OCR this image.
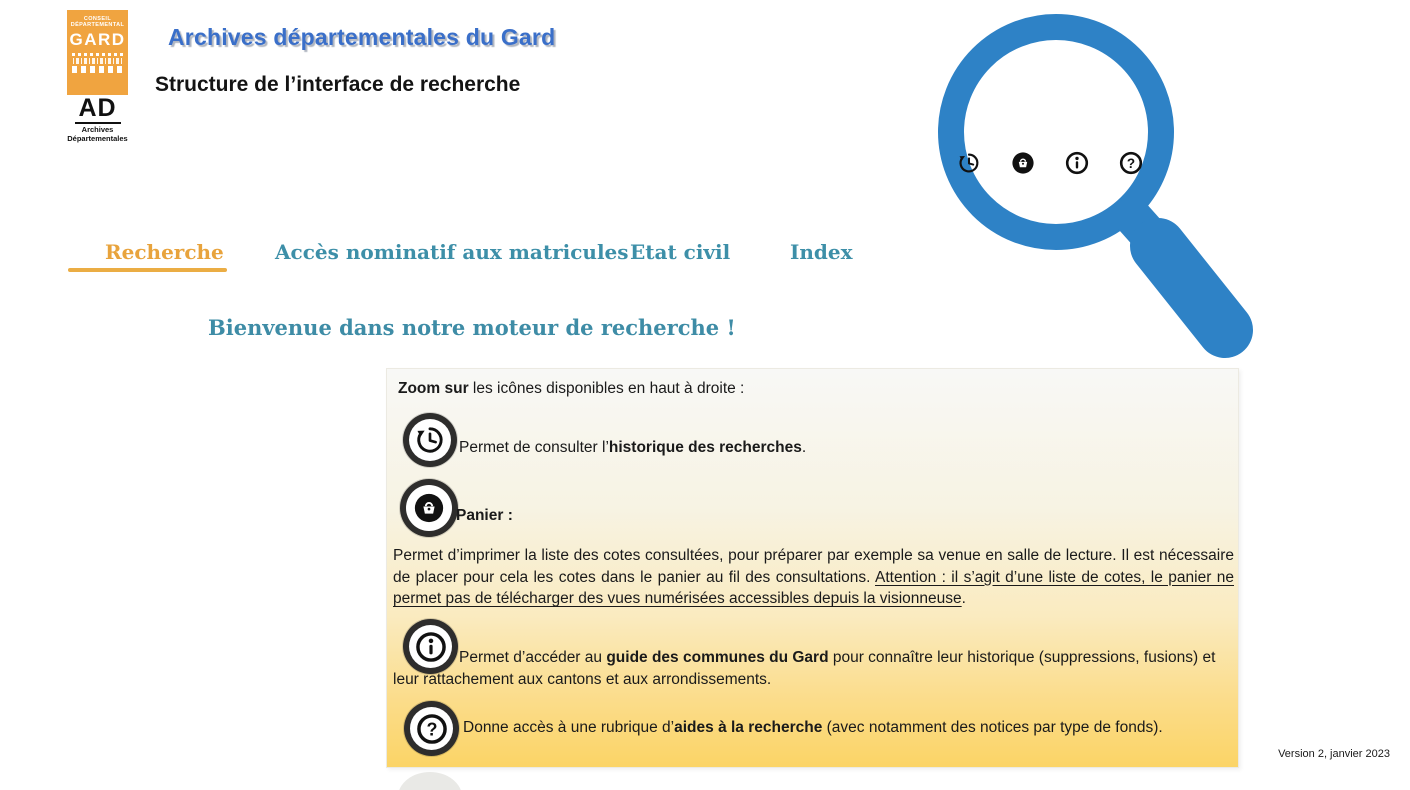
CONSEIL
DÉPARTEMENTAL
GARD
AD
Archives
Départementales
Archives départementales du Gard
Structure de l’interface de recherche
Recherche	Accès nominatif aux matricules Etat civil	Index
Bienvenue dans notre moteur de recherche !
Zoom sur les icônes disponibles en haut à droite :
Permet de consulter l’historique des recherches.
Panier :
Permet d’imprimer la liste des cotes consultées, pour préparer par exemple sa venue en salle de lecture. Il est nécessaire de placer pour cela les cotes dans le panier au fil des consultations. Attention : il s’agit d’une liste de cotes, le panier ne permet pas de télécharger des vues numérisées accessibles depuis la visionneuse.
Permet d’accéder au guide des communes du Gard pour connaître leur historique (suppressions, fusions) et leur rattachement aux cantons et aux arrondissements.
Donne accès à une rubrique d’aides à la recherche (avec notamment des notices par type de fonds).
Version 2, janvier 2023
